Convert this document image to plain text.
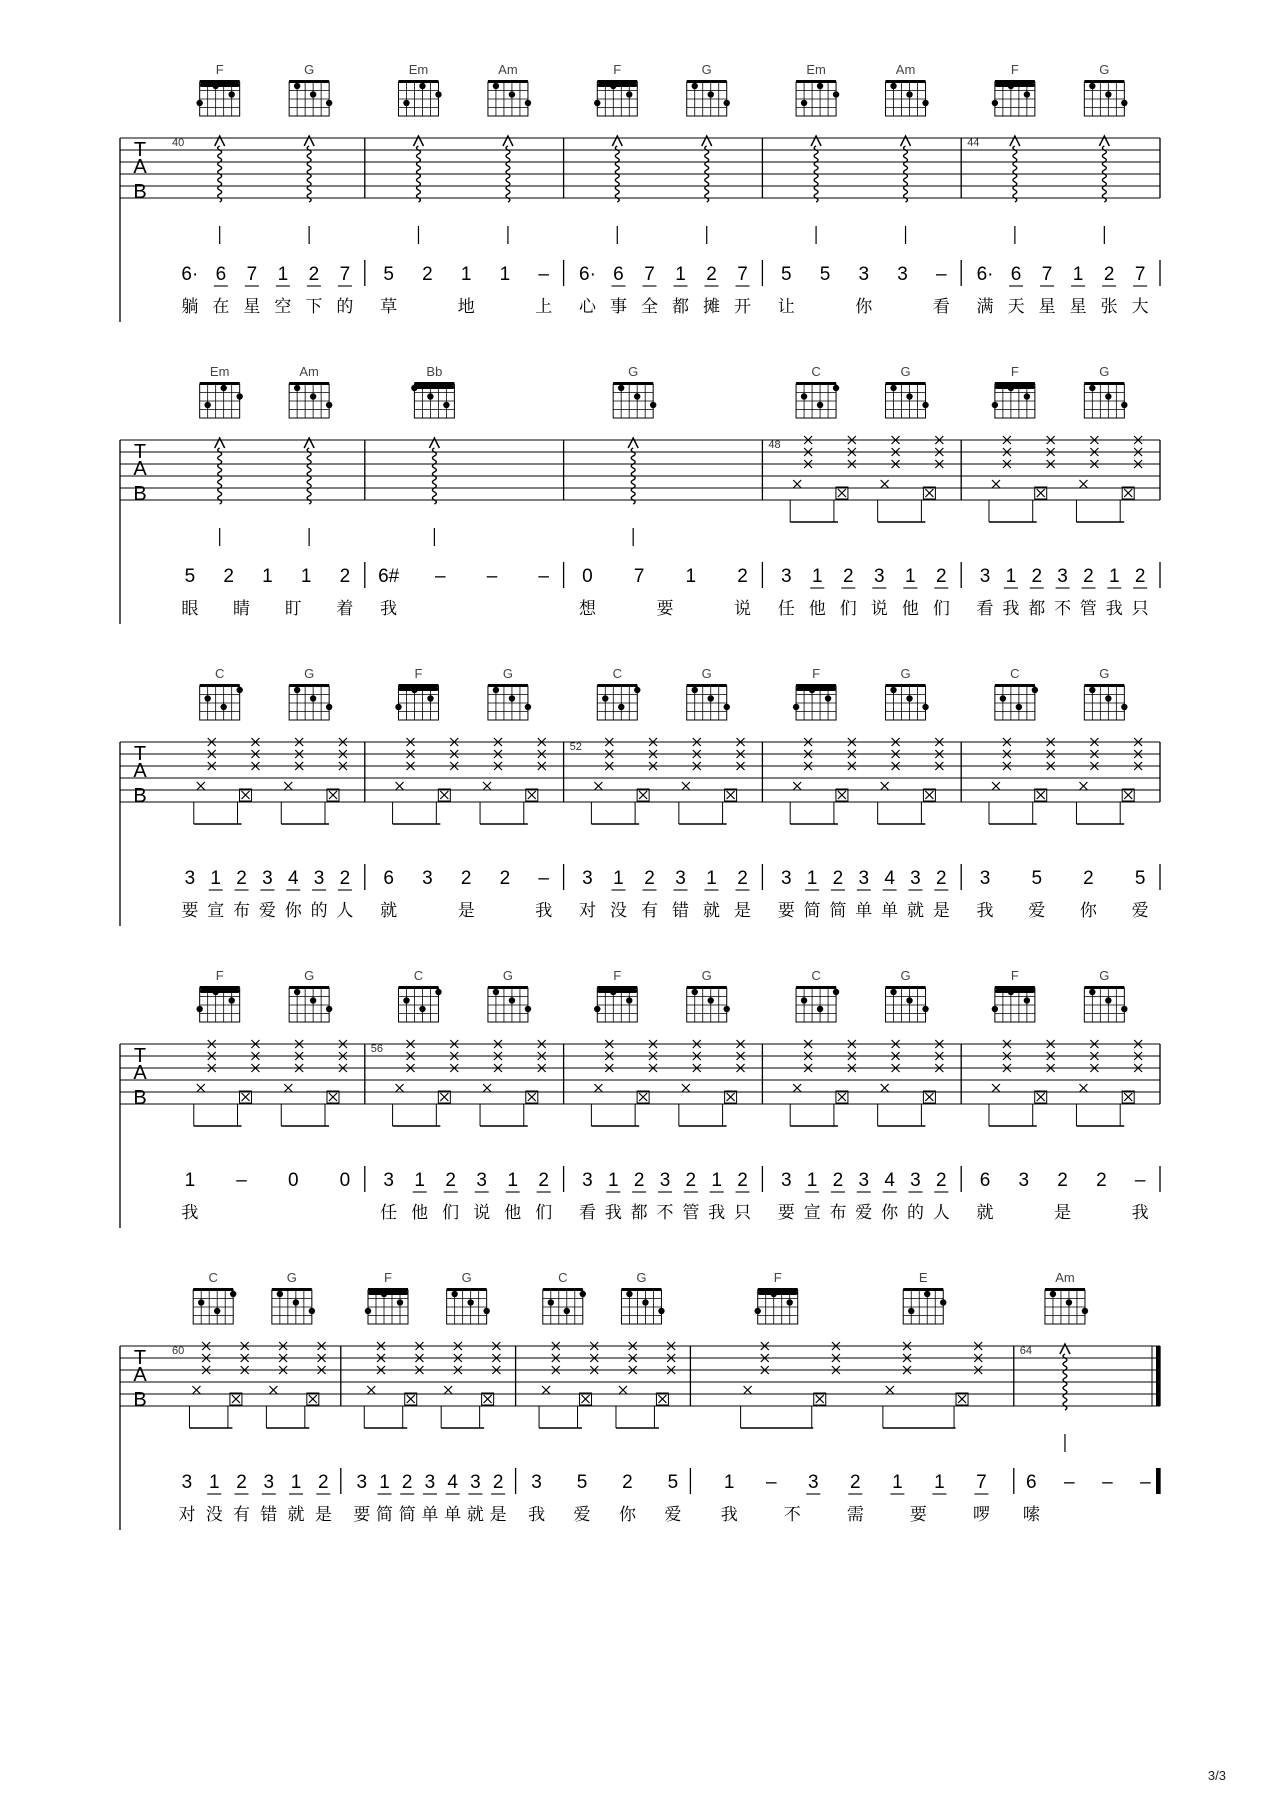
T
A
B
40
F	G
6· 6 7 1 2 7
躺 在 星 空 下 的
Em	Am
5 2 1 1 –
草	地	上
F	G
6· 6 7 1 2 7
心 事 全 都 摊 开
Em	Am
5 5 3 3 –
让	你	看
44
F	G
6· 6 7 1 2 7
满 天 星 星 张 大
T
A
B
Em	Am
5 2 1 1 2
眼 睛 盯 着
Bb
6# – – –
我
G
0 7 1 2
想	要	说
48
C	G
3 1 2 3 1 2
任 他 们 说 他 们
F	G
3 1 2 3 2 1 2
看 我 都 不 管 我 只
T
A
B
C	G
3 1 2 3 4 3 2
要 宣 布 爱 你 的 人
F	G
6 3 2 2 –
就	是	我
52
C	G
3 1 2 3 1 2
对 没 有 错 就 是
F	G
3 1 2 3 4 3 2
要 简 简 单 单 就 是
C	G
3 5 2 5
我 爱 你 爱
T
A
B
F	G
1 – 0 0
我
56
C	G
3 1 2 3 1 2
任 他 们 说 他 们
F	G
3 1 2 3 2 1 2
看 我 都 不 管 我 只
C	G
3 1 2 3 4 3 2
要 宣 布 爱 你 的 人
F	G
6 3 2 2 –
就	是	我
T
A
B
60
C	G
3 1 2 3 1 2
对 没 有 错 就 是
F	G
3 1 2 3 4 3 2
要 简 简 单 单 就 是
C	G
3 5 2 5
我 爱 你 爱
F	E
1 – 3 2 1 1 7
我	不	需	要	啰
64
Am
6 – – –
嗦
3/3
